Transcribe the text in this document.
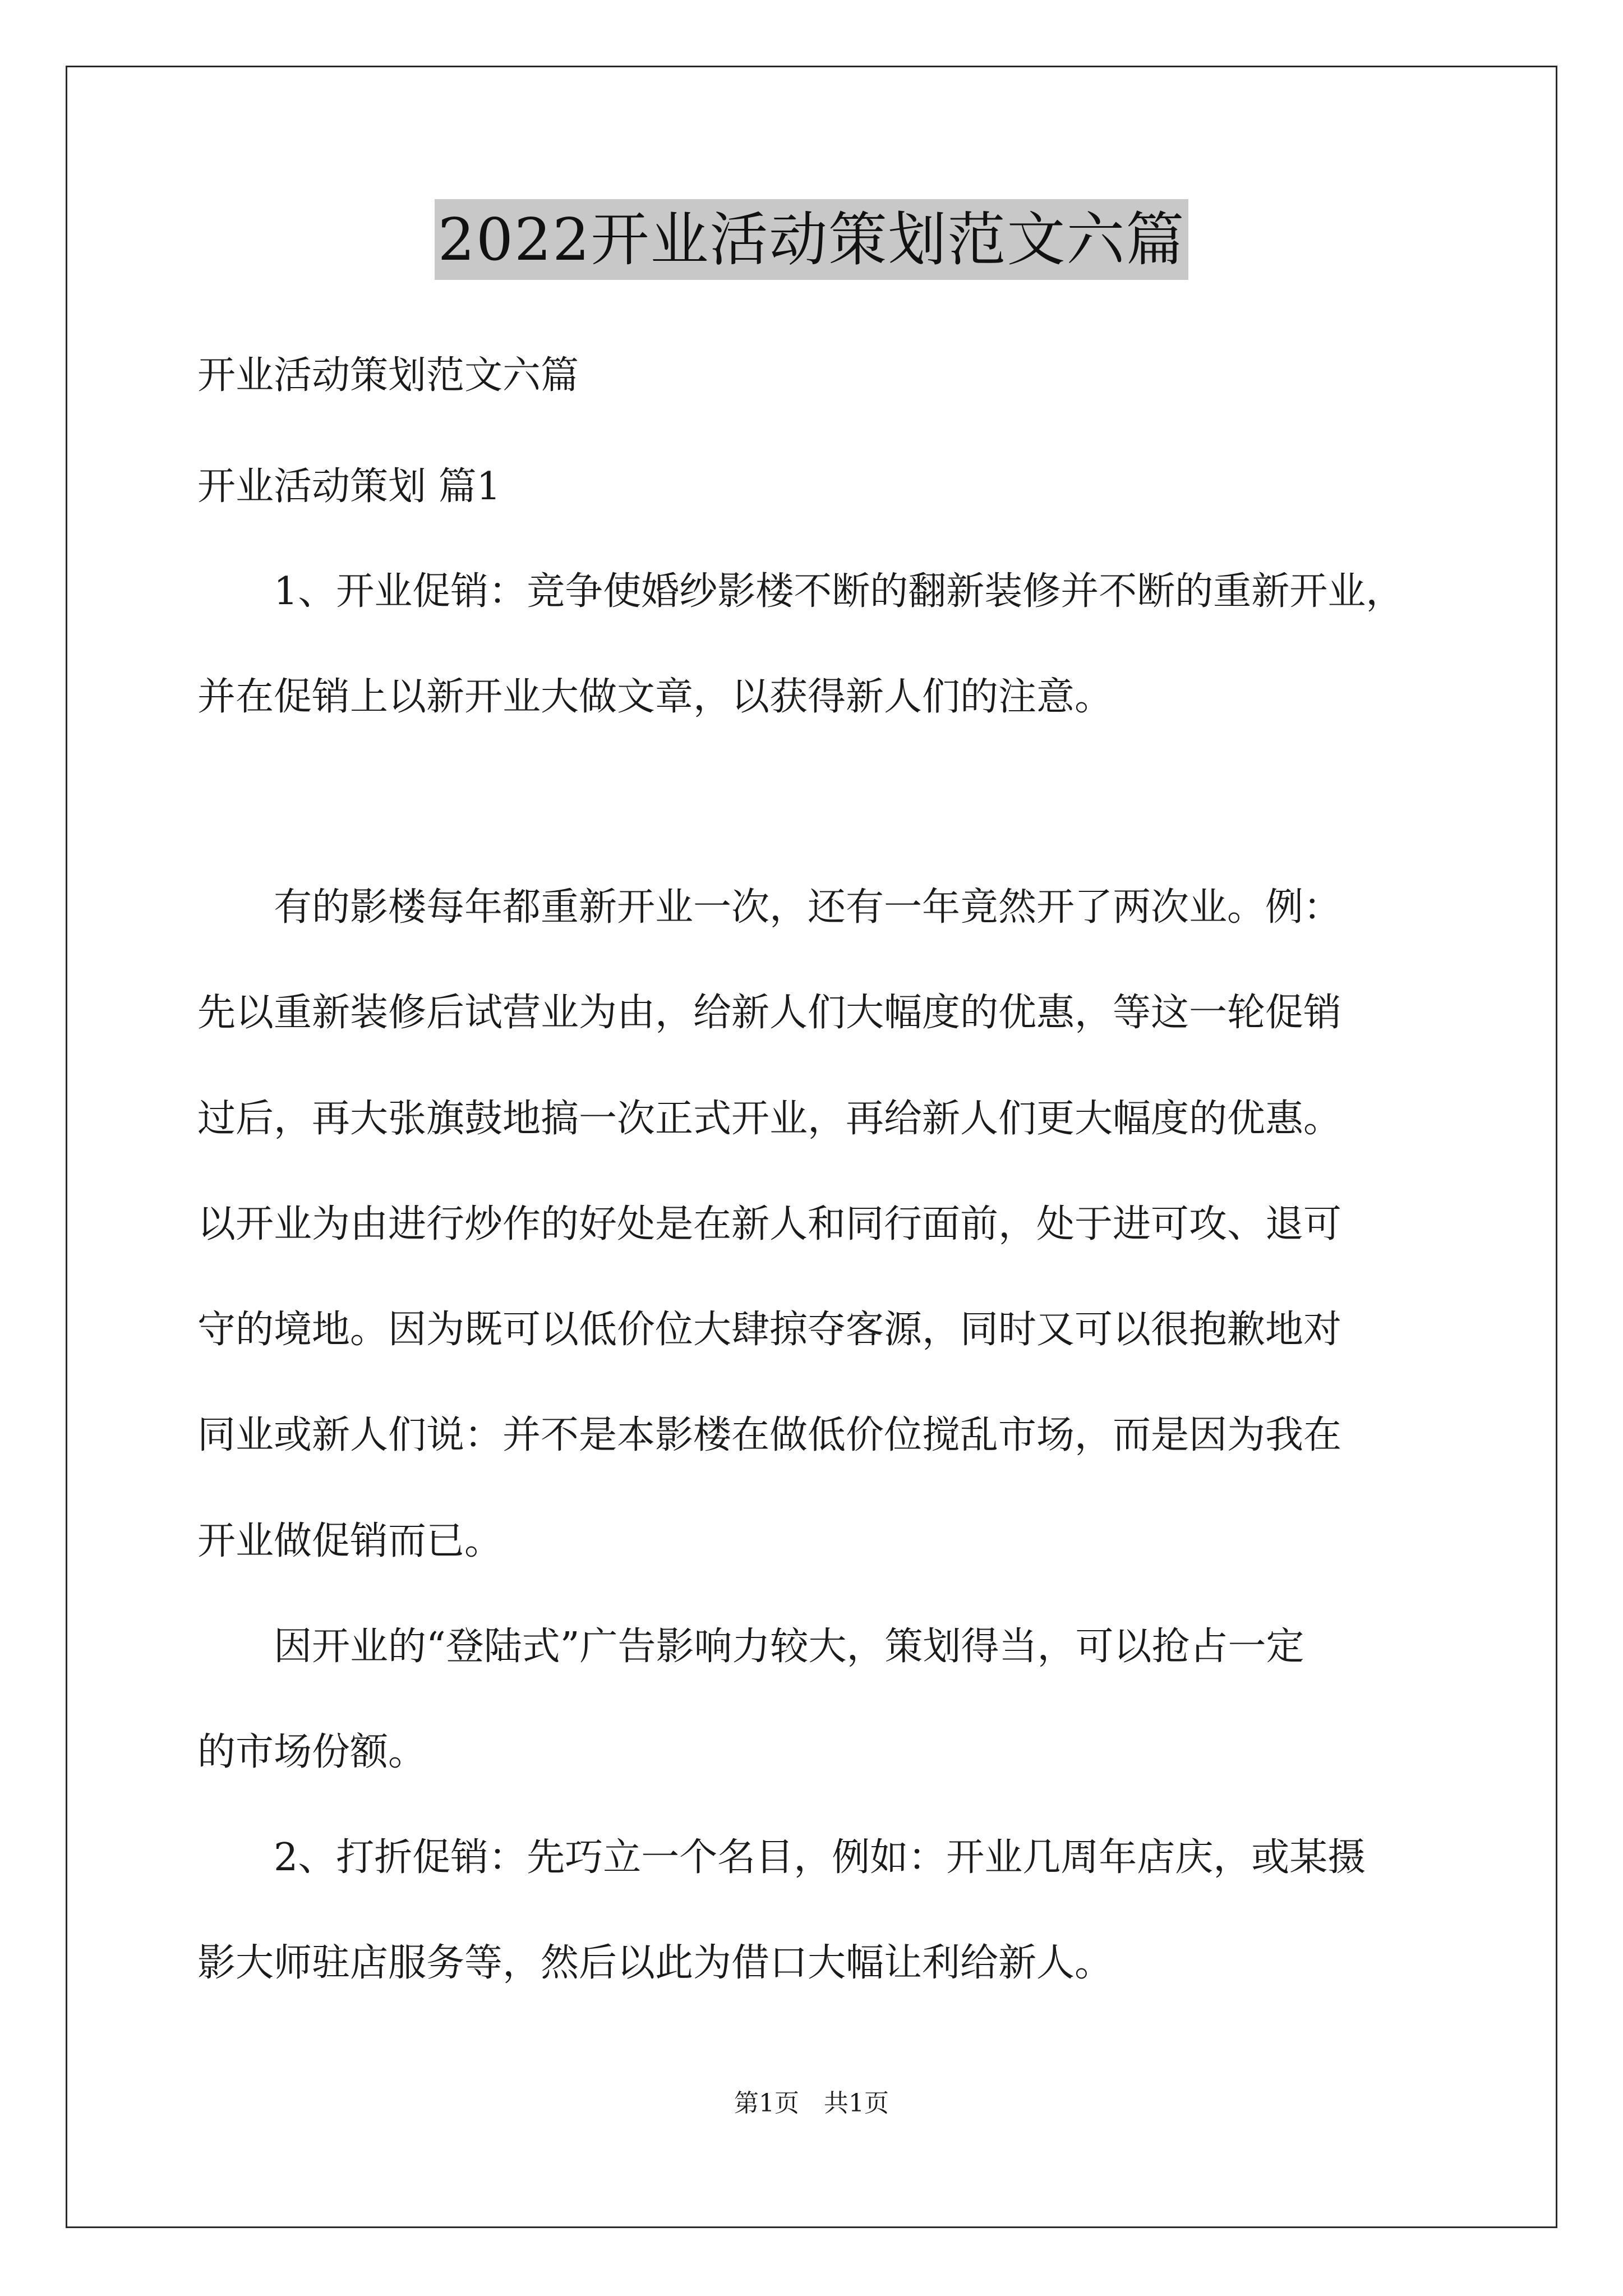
2022开业活动策划范文六篇

开业活动策划范文六篇

开业活动策划 篇1

1、开业促销：竞争使婚纱影楼不断的翻新装修并不断的重新开业，

并在促销上以新开业大做文章，以获得新人们的注意。

有的影楼每年都重新开业一次，还有一年竟然开了两次业。例：

先以重新装修后试营业为由，给新人们大幅度的优惠，等这一轮促销

过后，再大张旗鼓地搞一次正式开业，再给新人们更大幅度的优惠。

以开业为由进行炒作的好处是在新人和同行面前，处于进可攻、退可

守的境地。因为既可以低价位大肆掠夺客源，同时又可以很抱歉地对

同业或新人们说：并不是本影楼在做低价位搅乱市场，而是因为我在

开业做促销而已。

因开业的“登陆式”广告影响力较大，策划得当，可以抢占一定

的市场份额。

2、打折促销：先巧立一个名目，例如：开业几周年店庆，或某摄

影大师驻店服务等，然后以此为借口大幅让利给新人。

第1页　共1页
